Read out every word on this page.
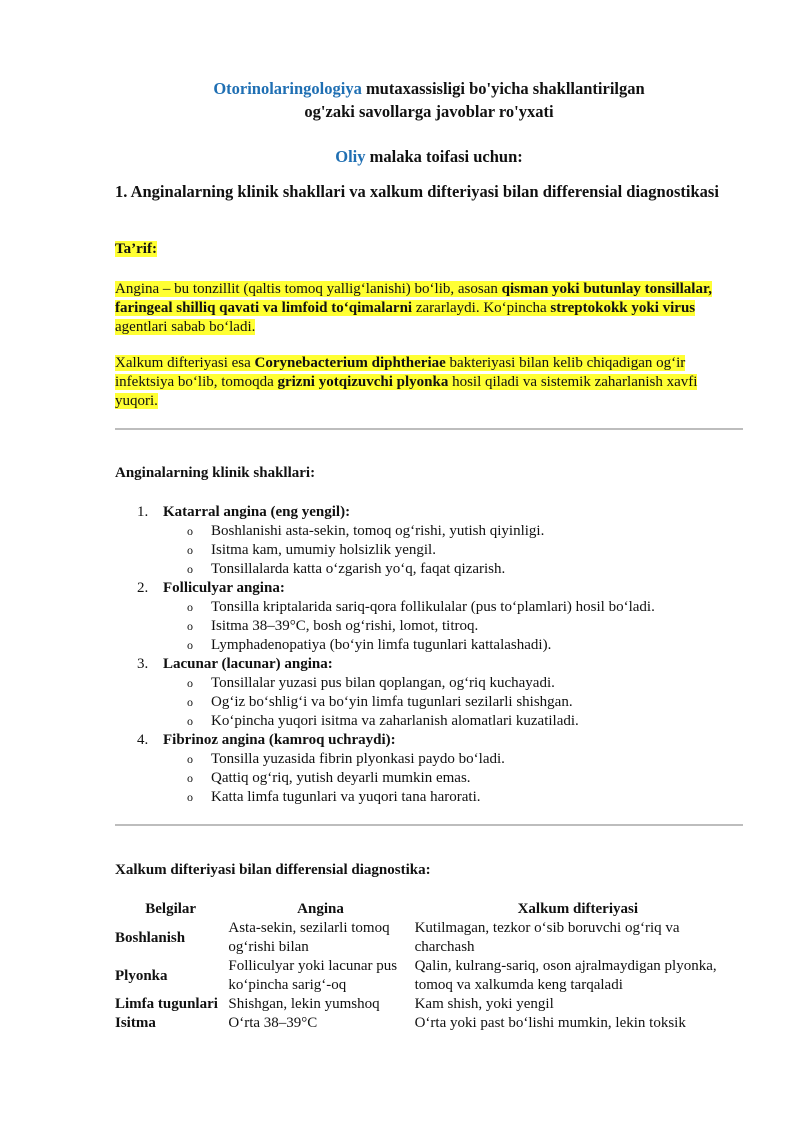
Otorinolaringologiya mutaxassisligi bo'yicha shakllantirilgan
og'zaki savollarga javoblar ro'yxati
Oliy malaka toifasi uchun:
1. Anginalarning klinik shakllari va xalkum difteriyasi bilan differensial diagnostikasi
Ta’rif:
Angina – bu tonzillit (qaltis tomoq yallig‘lanishi) bo‘lib, asosan qisman yoki butunlay tonsillalar, faringeal shilliq qavati va limfoid to‘qimalarni zararlaydi. Ko‘pincha streptokokk yoki virus agentlari sabab bo‘ladi.
Xalkum difteriyasi esa Corynebacterium diphtheriae bakteriyasi bilan kelib chiqadigan og‘ir infektsiya bo‘lib, tomoqda grizni yotqizuvchi plyonka hosil qiladi va sistemik zaharlanish xavfi yuqori.
Anginalarning klinik shakllari:
1. Katarral angina (eng yengil):
o Boshlanishi asta-sekin, tomoq og‘rishi, yutish qiyinligi.
o Isitma kam, umumiy holsizlik yengil.
o Tonsillalarda katta o‘zgarish yo‘q, faqat qizarish.
2. Folliculyar angina:
o Tonsilla kriptalarida sariq-qora follikulalar (pus to‘plamlari) hosil bo‘ladi.
o Isitma 38–39°C, bosh og‘rishi, lomot, titroq.
o Lymphadenopatiya (bo‘yin limfa tugunlari kattalashadi).
3. Lacunar (lacunar) angina:
o Tonsillalar yuzasi pus bilan qoplangan, og‘riq kuchayadi.
o Og‘iz bo‘shlig‘i va bo‘yin limfa tugunlari sezilarli shishgan.
o Ko‘pincha yuqori isitma va zaharlanish alomatlari kuzatiladi.
4. Fibrinoz angina (kamroq uchraydi):
o Tonsilla yuzasida fibrin plyonkasi paydo bo‘ladi.
o Qattiq og‘riq, yutish deyarli mumkin emas.
o Katta limfa tugunlari va yuqori tana harorati.
Xalkum difteriyasi bilan differensial diagnostika:
Belgilar	Angina	Xalkum difteriyasi
Boshlanish	Asta-sekin, sezilarli tomoq og‘rishi bilan	Kutilmagan, tezkor o‘sib boruvchi og‘riq va charchash
Plyonka	Folliculyar yoki lacunar pus ko‘pincha sarig‘-oq	Qalin, kulrang-sariq, oson ajralmaydigan plyonka, tomoq va xalkumda keng tarqaladi
Limfa tugunlari	Shishgan, lekin yumshoq	Kam shish, yoki yengil
Isitma	O‘rta 38–39°C	O‘rta yoki past bo‘lishi mumkin, lekin toksik
